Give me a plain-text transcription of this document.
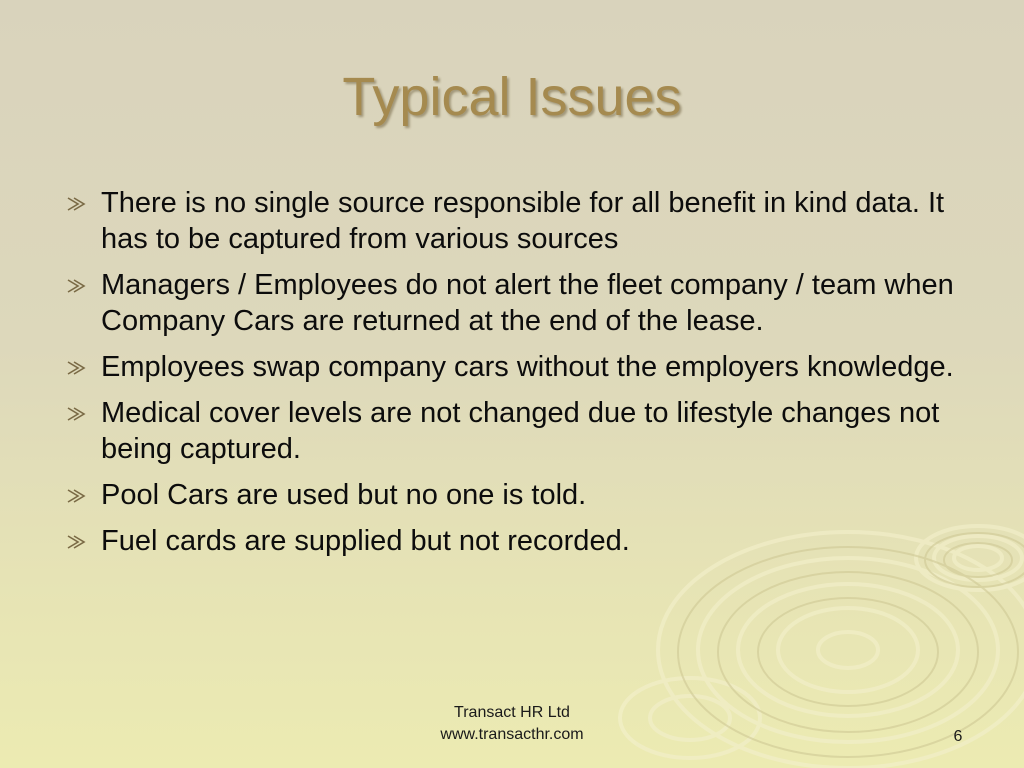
Typical Issues
There is no single source responsible for all benefit in kind data. It has to be captured from various sources
Managers / Employees do not alert the fleet company / team when Company Cars are returned at the end of the lease.
Employees swap company cars without the employers knowledge.
Medical cover levels are not changed due to lifestyle changes not being captured.
Pool Cars are used but no one is told.
Fuel cards are supplied but not recorded.
Transact HR Ltd
www.transacthr.com	6
